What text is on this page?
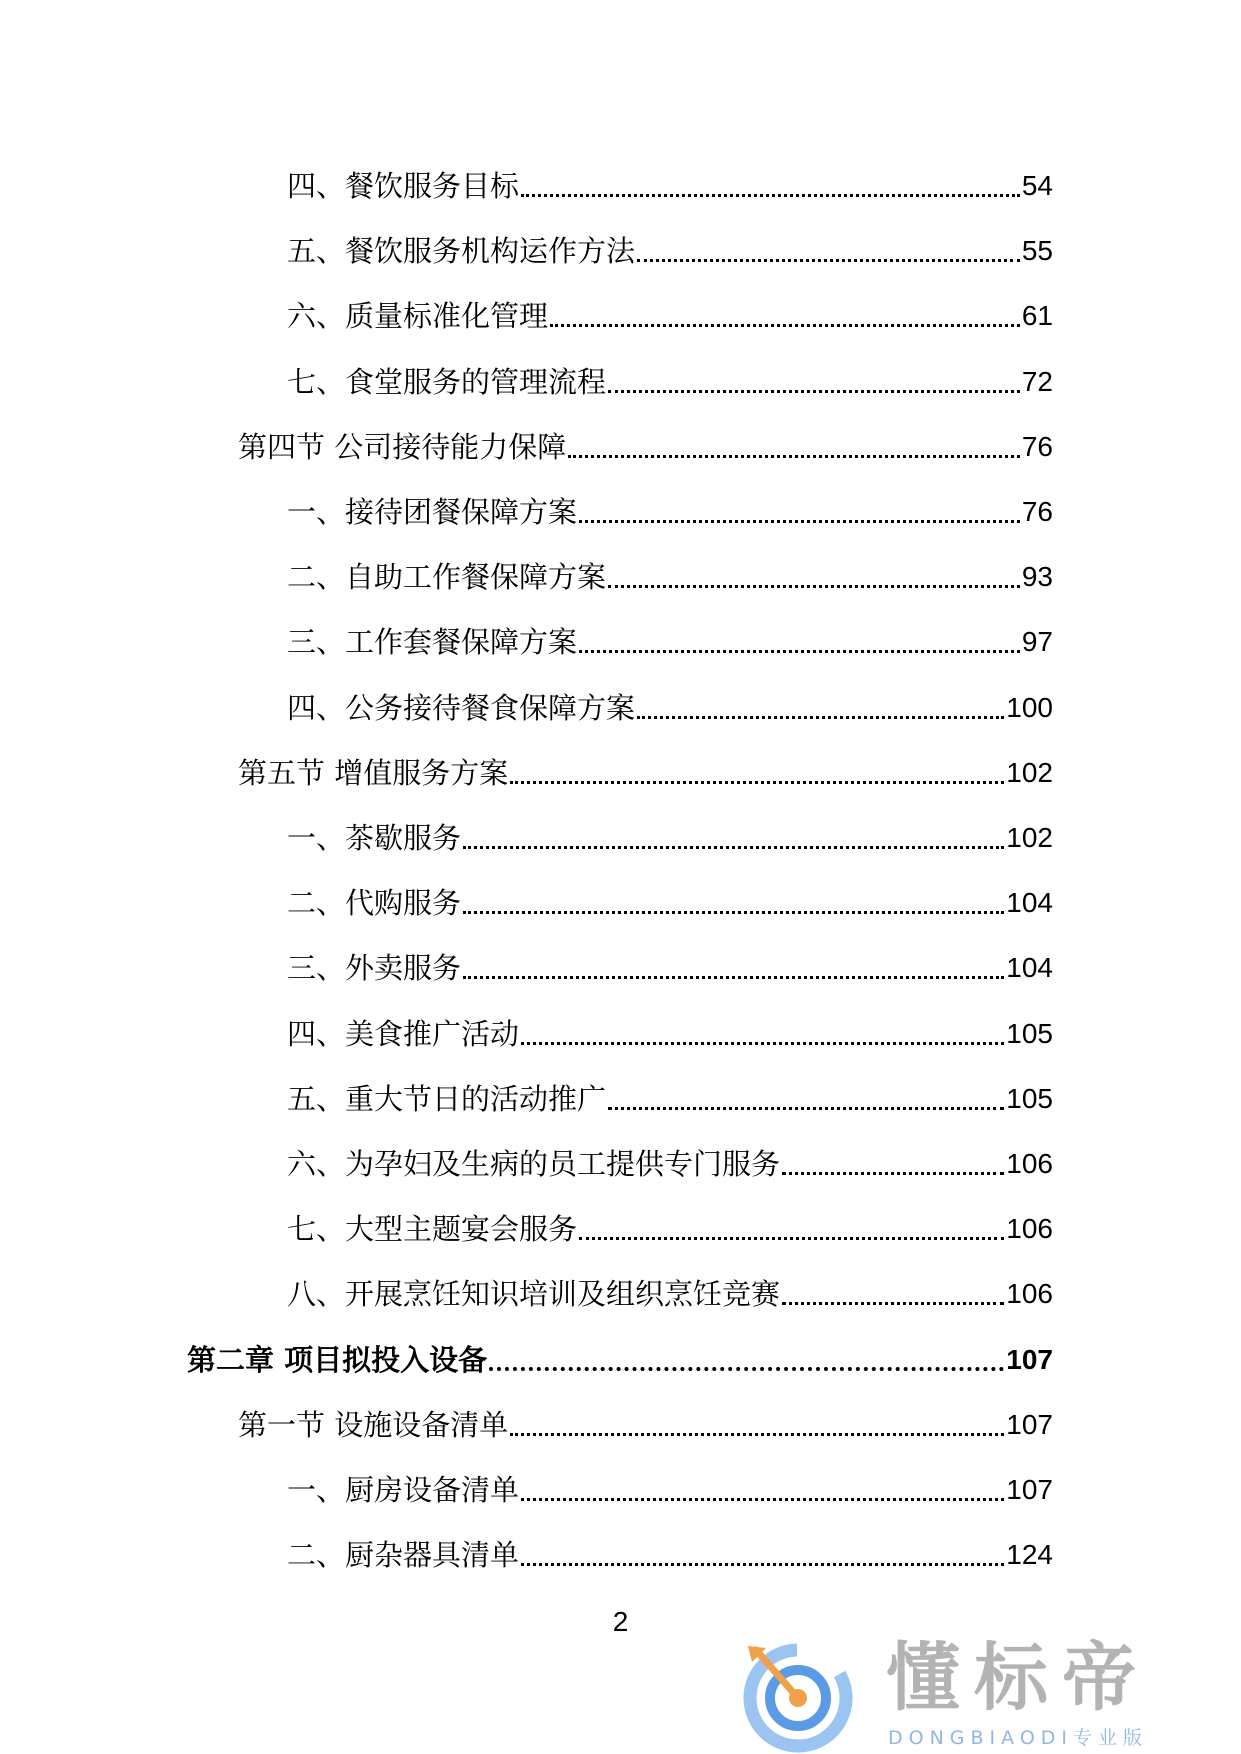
四、餐饮服务目标	54
五、餐饮服务机构运作方法	55
六、质量标准化管理	61
七、食堂服务的管理流程	72
第四节 公司接待能力保障	76
一、接待团餐保障方案	76
二、自助工作餐保障方案	93
三、工作套餐保障方案	97
四、公务接待餐食保障方案	100
第五节 增值服务方案	102
一、茶歇服务	102
二、代购服务	104
三、外卖服务	104
四、美食推广活动	105
五、重大节日的活动推广	105
六、为孕妇及生病的员工提供专门服务	106
七、大型主题宴会服务	106
八、开展烹饪知识培训及组织烹饪竞赛	106
第二章 项目拟投入设备	107
第一节 设施设备清单	107
一、厨房设备清单	107
二、厨杂器具清单	124
2
懂标帝
DONGBIAODI专业版
